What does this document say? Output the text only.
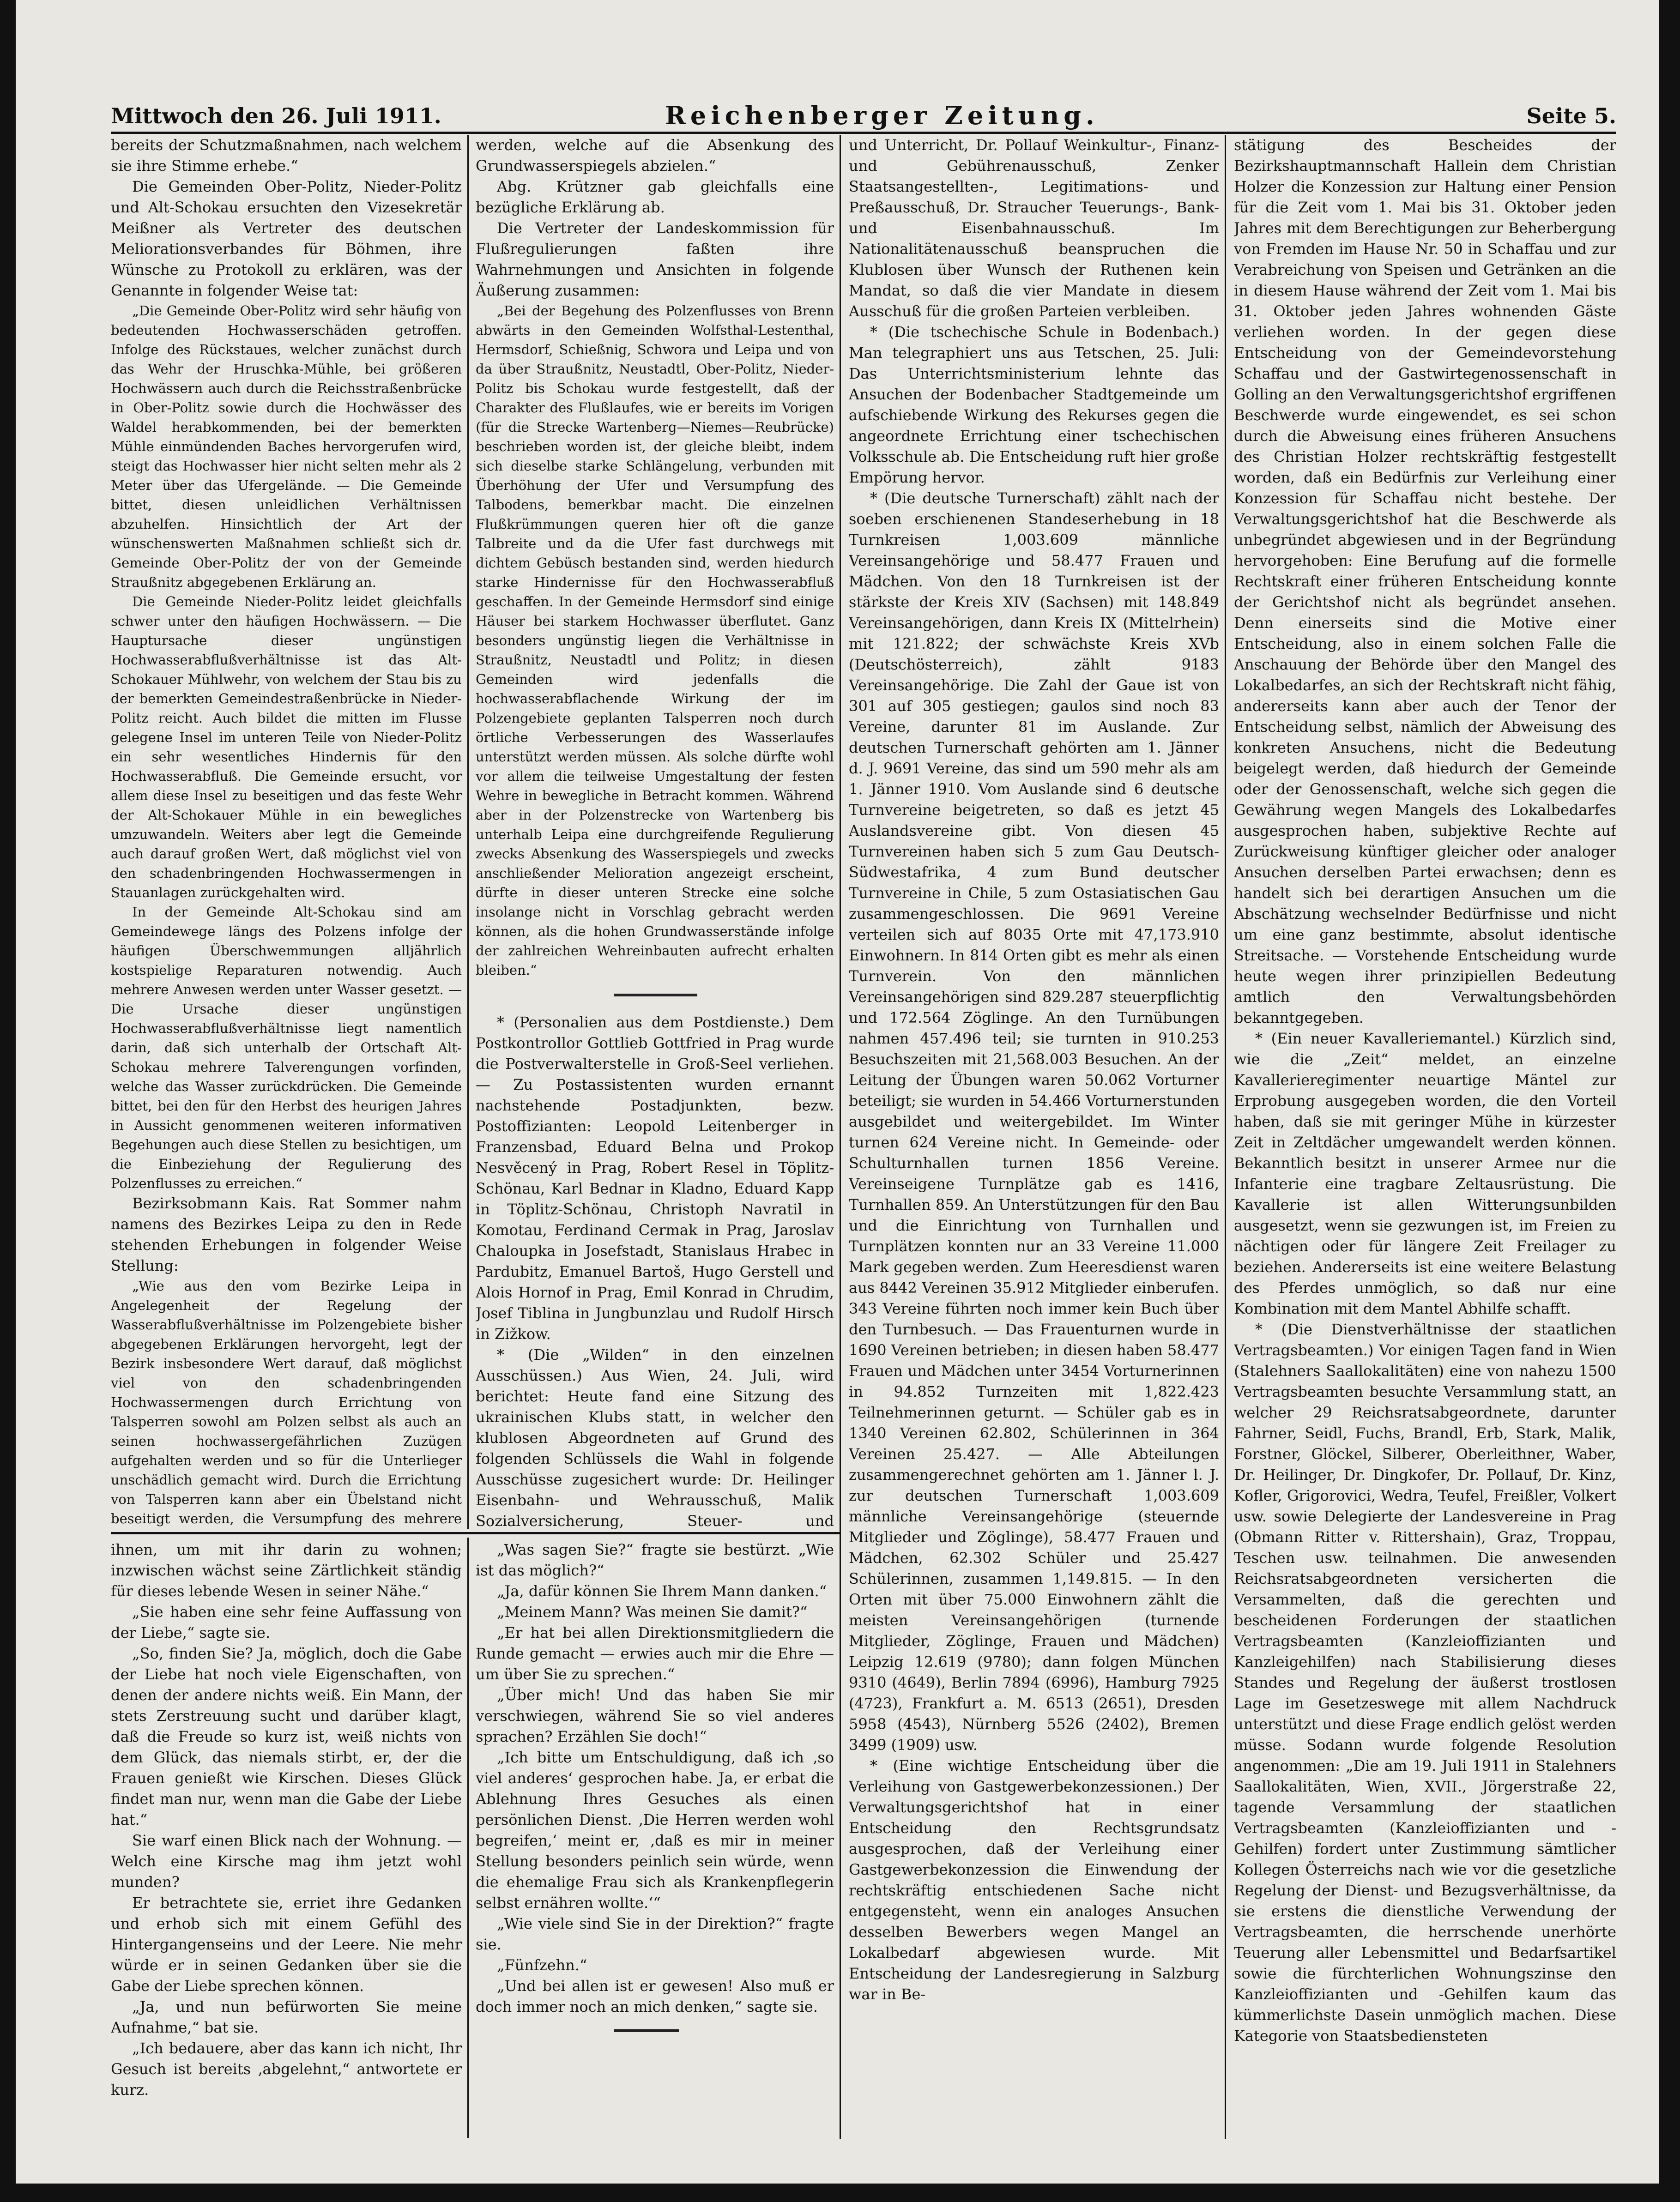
Mittwoch den 26. Juli 1911.	Reichenberger Zeitung.	Seite 5.

bereits der Schutzmaßnahmen, nach welchem sie ihre Stimme erhebe.“

Die Gemeinden Ober-Politz, Nieder-Politz und Alt-Schokau ersuchten den Vizesekretär Meißner als Vertreter des deutschen Meliorationsverbandes für Böhmen, ihre Wünsche zu Protokoll zu erklären, was der Genannte in folgender Weise tat:

„Die Gemeinde Ober-Politz wird sehr häufig von bedeutenden Hochwasserschäden getroffen. Infolge des Rückstaues, welcher zunächst durch das Wehr der Hruschka-Mühle, bei größeren Hochwässern auch durch die Reichsstraßenbrücke in Ober-Politz sowie durch die Hochwässer des Waldel herabkommenden, bei der bemerkten Mühle einmündenden Baches hervorgerufen wird, steigt das Hochwasser hier nicht selten mehr als 2 Meter über das Ufergelände. — Die Gemeinde bittet, diesen unleidlichen Verhältnissen abzuhelfen. Hinsichtlich der Art der wünschenswerten Maßnahmen schließt sich dr. Gemeinde Ober-Politz der von der Gemeinde Straußnitz abgegebenen Erklärung an.

Die Gemeinde Nieder-Politz leidet gleichfalls schwer unter den häufigen Hochwässern. — Die Hauptursache dieser ungünstigen Hochwasserabflußverhältnisse ist das Alt-Schokauer Mühlwehr, von welchem der Stau bis zu der bemerkten Gemeindestraßenbrücke in Nieder-Politz reicht. Auch bildet die mitten im Flusse gelegene Insel im unteren Teile von Nieder-Politz ein sehr wesentliches Hindernis für den Hochwasserabfluß. Die Gemeinde ersucht, vor allem diese Insel zu beseitigen und das feste Wehr der Alt-Schokauer Mühle in ein bewegliches umzuwandeln. Weiters aber legt die Gemeinde auch darauf großen Wert, daß möglichst viel von den schadenbringenden Hochwassermengen in Stauanlagen zurückgehalten wird.

In der Gemeinde Alt-Schokau sind am Gemeindewege längs des Polzens infolge der häufigen Überschwemmungen alljährlich kostspielige Reparaturen notwendig. Auch mehrere Anwesen werden unter Wasser gesetzt. — Die Ursache dieser ungünstigen Hochwasserabflußverhältnisse liegt namentlich darin, daß sich unterhalb der Ortschaft Alt-Schokau mehrere Talverengungen vorfinden, welche das Wasser zurückdrücken. Die Gemeinde bittet, bei den für den Herbst des heurigen Jahres in Aussicht genommenen weiteren informativen Begehungen auch diese Stellen zu besichtigen, um die Einbeziehung der Regulierung des Polzenflusses zu erreichen.“

Bezirksobmann Kais. Rat Sommer nahm namens des Bezirkes Leipa zu den in Rede stehenden Erhebungen in folgender Weise Stellung:

„Wie aus den vom Bezirke Leipa in Angelegenheit der Regelung der Wasserabflußverhältnisse im Polzengebiete bisher abgegebenen Erklärungen hervorgeht, legt der Bezirk insbesondere Wert darauf, daß möglichst viel von den schadenbringenden Hochwassermengen durch Errichtung von Talsperren sowohl am Polzen selbst als auch an seinen hochwassergefährlichen Zuzügen aufgehalten werden und so für die Unterlieger unschädlich gemacht wird. Durch die Errichtung von Talsperren kann aber ein Übelstand nicht beseitigt werden, die Versumpfung des mehrere

werden, welche auf die Absenkung des Grundwasserspiegels abzielen.“

Abg. Krützner gab gleichfalls eine bezügliche Erklärung ab.

Die Vertreter der Landeskommission für Flußregulierungen faßten ihre Wahrnehmungen und Ansichten in folgende Äußerung zusammen:

„Bei der Begehung des Polzenflusses von Brenn abwärts in den Gemeinden Wolfsthal-Lestenthal, Hermsdorf, Schießnig, Schwora und Leipa und von da über Straußnitz, Neustadtl, Ober-Politz, Nieder-Politz bis Schokau wurde festgestellt, daß der Charakter des Flußlaufes, wie er bereits im Vorigen (für die Strecke Wartenberg—Niemes—Reubrücke) beschrieben worden ist, der gleiche bleibt, indem sich dieselbe starke Schlängelung, verbunden mit Überhöhung der Ufer und Versumpfung des Talbodens, bemerkbar macht. Die einzelnen Flußkrümmungen queren hier oft die ganze Talbreite und da die Ufer fast durchwegs mit dichtem Gebüsch bestanden sind, werden hiedurch starke Hindernisse für den Hochwasserabfluß geschaffen. In der Gemeinde Hermsdorf sind einige Häuser bei starkem Hochwasser überflutet. Ganz besonders ungünstig liegen die Verhältnisse in Straußnitz, Neustadtl und Politz; in diesen Gemeinden wird jedenfalls die hochwasserabflachende Wirkung der im Polzengebiete geplanten Talsperren noch durch örtliche Verbesserungen des Wasserlaufes unterstützt werden müssen. Als solche dürfte wohl vor allem die teilweise Umgestaltung der festen Wehre in bewegliche in Betracht kommen. Während aber in der Polzenstrecke von Wartenberg bis unterhalb Leipa eine durchgreifende Regulierung zwecks Absenkung des Wasserspiegels und zwecks anschließender Melioration angezeigt erscheint, dürfte in dieser unteren Strecke eine solche insolange nicht in Vorschlag gebracht werden können, als die hohen Grundwasserstände infolge der zahlreichen Wehreinbauten aufrecht erhalten bleiben.“

* (Personalien aus dem Postdienste.) Dem Postkontrollor Gottlieb Gottfried in Prag wurde die Postverwalterstelle in Groß-Seel verliehen. — Zu Postassistenten wurden ernannt nachstehende Postadjunkten, bezw. Postoffizianten: Leopold Leitenberger in Franzensbad, Eduard Belna und Prokop Nesvěcený in Prag, Robert Resel in Töplitz-Schönau, Karl Bednar in Kladno, Eduard Kapp in Töplitz-Schönau, Christoph Navratil in Komotau, Ferdinand Cermak in Prag, Jaroslav Chaloupka in Josefstadt, Stanislaus Hrabec in Pardubitz, Emanuel Bartoš, Hugo Gerstell und Alois Hornof in Prag, Emil Konrad in Chrudim, Josef Tiblina in Jungbunzlau und Rudolf Hirsch in Zižkow.

* (Die „Wilden“ in den einzelnen Ausschüssen.) Aus Wien, 24. Juli, wird berichtet: Heute fand eine Sitzung des ukrainischen Klubs statt, in welcher den klublosen Abgeordneten auf Grund des folgenden Schlüssels die Wahl in folgende Ausschüsse zugesichert wurde: Dr. Heilinger Eisenbahn- und Wehrausschuß, Malik Sozialversicherung, Steuer- und

und Unterricht, Dr. Pollauf Weinkultur-, Finanz- und Gebührenausschuß, Zenker Staatsangestellten-, Legitimations- und Preßausschuß, Dr. Straucher Teuerungs-, Bank- und Eisenbahnausschuß. Im Nationalitätenausschuß beanspruchen die Klublosen über Wunsch der Ruthenen kein Mandat, so daß die vier Mandate in diesem Ausschuß für die großen Parteien verbleiben.

* (Die tschechische Schule in Bodenbach.) Man telegraphiert uns aus Tetschen, 25. Juli: Das Unterrichtsministerium lehnte das Ansuchen der Bodenbacher Stadtgemeinde um aufschiebende Wirkung des Rekurses gegen die angeordnete Errichtung einer tschechischen Volksschule ab. Die Entscheidung ruft hier große Empörung hervor.

* (Die deutsche Turnerschaft) zählt nach der soeben erschienenen Standeserhebung in 18 Turnkreisen 1,003.609 männliche Vereinsangehörige und 58.477 Frauen und Mädchen. Von den 18 Turnkreisen ist der stärkste der Kreis XIV (Sachsen) mit 148.849 Vereinsangehörigen, dann Kreis IX (Mittelrhein) mit 121.822; der schwächste Kreis XVb (Deutschösterreich), zählt 9183 Vereinsangehörige. Die Zahl der Gaue ist von 301 auf 305 gestiegen; gaulos sind noch 83 Vereine, darunter 81 im Auslande. Zur deutschen Turnerschaft gehörten am 1. Jänner d. J. 9691 Vereine, das sind um 590 mehr als am 1. Jänner 1910. Vom Auslande sind 6 deutsche Turnvereine beigetreten, so daß es jetzt 45 Auslandsvereine gibt. Von diesen 45 Turnvereinen haben sich 5 zum Gau Deutsch-Südwestafrika, 4 zum Bund deutscher Turnvereine in Chile, 5 zum Ostasiatischen Gau zusammengeschlossen. Die 9691 Vereine verteilen sich auf 8035 Orte mit 47,173.910 Einwohnern. In 814 Orten gibt es mehr als einen Turnverein. Von den männlichen Vereinsangehörigen sind 829.287 steuerpflichtig und 172.564 Zöglinge. An den Turnübungen nahmen 457.496 teil; sie turnten in 910.253 Besuchszeiten mit 21,568.003 Besuchen. An der Leitung der Übungen waren 50.062 Vorturner beteiligt; sie wurden in 54.466 Vorturnerstunden ausgebildet und weitergebildet. Im Winter turnen 624 Vereine nicht. In Gemeinde- oder Schulturnhallen turnen 1856 Vereine. Vereinseigene Turnplätze gab es 1416, Turnhallen 859. An Unterstützungen für den Bau und die Einrichtung von Turnhallen und Turnplätzen konnten nur an 33 Vereine 11.000 Mark gegeben werden. Zum Heeresdienst waren aus 8442 Vereinen 35.912 Mitglieder einberufen. 343 Vereine führten noch immer kein Buch über den Turnbesuch. — Das Frauenturnen wurde in 1690 Vereinen betrieben; in diesen haben 58.477 Frauen und Mädchen unter 3454 Vorturnerinnen in 94.852 Turnzeiten mit 1,822.423 Teilnehmerinnen geturnt. — Schüler gab es in 1340 Vereinen 62.802, Schülerinnen in 364 Vereinen 25.427. — Alle Abteilungen zusammengerechnet gehörten am 1. Jänner l. J. zur deutschen Turnerschaft 1,003.609 männliche Vereinsangehörige (steuernde Mitglieder und Zöglinge), 58.477 Frauen und Mädchen, 62.302 Schüler und 25.427 Schülerinnen, zusammen 1,149.815. — In den Orten mit über 75.000 Einwohnern zählt die meisten Vereinsangehörigen (turnende Mitglieder, Zöglinge, Frauen und Mädchen) Leipzig 12.619 (9780); dann folgen München 9310 (4649), Berlin 7894 (6996), Hamburg 7925 (4723), Frankfurt a. M. 6513 (2651), Dresden 5958 (4543), Nürnberg 5526 (2402), Bremen 3499 (1909) usw.

* (Eine wichtige Entscheidung über die Verleihung von Gastgewerbekonzessionen.) Der Verwaltungsgerichtshof hat in einer Entscheidung den Rechtsgrundsatz ausgesprochen, daß der Verleihung einer Gastgewerbekonzession die Einwendung der rechtskräftig entschiedenen Sache nicht entgegensteht, wenn ein analoges Ansuchen desselben Bewerbers wegen Mangel an Lokalbedarf abgewiesen wurde. Mit Entscheidung der Landesregierung in Salzburg war in Be-

stätigung des Bescheides der Bezirkshauptmannschaft Hallein dem Christian Holzer die Konzession zur Haltung einer Pension für die Zeit vom 1. Mai bis 31. Oktober jeden Jahres mit dem Berechtigungen zur Beherbergung von Fremden im Hause Nr. 50 in Schaffau und zur Verabreichung von Speisen und Getränken an die in diesem Hause während der Zeit vom 1. Mai bis 31. Oktober jeden Jahres wohnenden Gäste verliehen worden. In der gegen diese Entscheidung von der Gemeindevorstehung Schaffau und der Gastwirtegenossenschaft in Golling an den Verwaltungsgerichtshof ergriffenen Beschwerde wurde eingewendet, es sei schon durch die Abweisung eines früheren Ansuchens des Christian Holzer rechtskräftig festgestellt worden, daß ein Bedürfnis zur Verleihung einer Konzession für Schaffau nicht bestehe. Der Verwaltungsgerichtshof hat die Beschwerde als unbegründet abgewiesen und in der Begründung hervorgehoben: Eine Berufung auf die formelle Rechtskraft einer früheren Entscheidung konnte der Gerichtshof nicht als begründet ansehen. Denn einerseits sind die Motive einer Entscheidung, also in einem solchen Falle die Anschauung der Behörde über den Mangel des Lokalbedarfes, an sich der Rechtskraft nicht fähig, andererseits kann aber auch der Tenor der Entscheidung selbst, nämlich der Abweisung des konkreten Ansuchens, nicht die Bedeutung beigelegt werden, daß hiedurch der Gemeinde oder der Genossenschaft, welche sich gegen die Gewährung wegen Mangels des Lokalbedarfes ausgesprochen haben, subjektive Rechte auf Zurückweisung künftiger gleicher oder analoger Ansuchen derselben Partei erwachsen; denn es handelt sich bei derartigen Ansuchen um die Abschätzung wechselnder Bedürfnisse und nicht um eine ganz bestimmte, absolut identische Streitsache. — Vorstehende Entscheidung wurde heute wegen ihrer prinzipiellen Bedeutung amtlich den Verwaltungsbehörden bekanntgegeben.

* (Ein neuer Kavalleriemantel.) Kürzlich sind, wie die „Zeit“ meldet, an einzelne Kavallerieregimenter neuartige Mäntel zur Erprobung ausgegeben worden, die den Vorteil haben, daß sie mit geringer Mühe in kürzester Zeit in Zeltdächer umgewandelt werden können. Bekanntlich besitzt in unserer Armee nur die Infanterie eine tragbare Zeltausrüstung. Die Kavallerie ist allen Witterungsunbilden ausgesetzt, wenn sie gezwungen ist, im Freien zu nächtigen oder für längere Zeit Freilager zu beziehen. Andererseits ist eine weitere Belastung des Pferdes unmöglich, so daß nur eine Kombination mit dem Mantel Abhilfe schafft.

* (Die Dienstverhältnisse der staatlichen Vertragsbeamten.) Vor einigen Tagen fand in Wien (Stalehners Saallokalitäten) eine von nahezu 1500 Vertragsbeamten besuchte Versammlung statt, an welcher 29 Reichsratsabgeordnete, darunter Fahrner, Seidl, Fuchs, Brandl, Erb, Stark, Malik, Forstner, Glöckel, Silberer, Oberleithner, Waber, Dr. Heilinger, Dr. Dingkofer, Dr. Pollauf, Dr. Kinz, Kofler, Grigorovici, Wedra, Teufel, Freißler, Volkert usw. sowie Delegierte der Landesvereine in Prag (Obmann Ritter v. Rittershain), Graz, Troppau, Teschen usw. teilnahmen. Die anwesenden Reichsratsabgeordneten versicherten die Versammelten, daß die gerechten und bescheidenen Forderungen der staatlichen Vertragsbeamten (Kanzleioffizianten und Kanzleigehilfen) nach Stabilisierung dieses Standes und Regelung der äußerst trostlosen Lage im Gesetzeswege mit allem Nachdruck unterstützt und diese Frage endlich gelöst werden müsse. Sodann wurde folgende Resolution angenommen: „Die am 19. Juli 1911 in Stalehners Saallokalitäten, Wien, XVII., Jörgerstraße 22, tagende Versammlung der staatlichen Vertragsbeamten (Kanzleioffizianten und -Gehilfen) fordert unter Zustimmung sämtlicher Kollegen Österreichs nach wie vor die gesetzliche Regelung der Dienst- und Bezugsverhältnisse, da sie erstens die dienstliche Verwendung der Vertragsbeamten, die herrschende unerhörte Teuerung aller Lebensmittel und Bedarfsartikel sowie die fürchterlichen Wohnungszinse den Kanzleioffizianten und -Gehilfen kaum das kümmerlichste Dasein unmöglich machen. Diese Kategorie von Staatsbediensteten

ihnen, um mit ihr darin zu wohnen; inzwischen wächst seine Zärtlichkeit ständig für dieses lebende Wesen in seiner Nähe.“

„Sie haben eine sehr feine Auffassung von der Liebe,“ sagte sie.

„So, finden Sie? Ja, möglich, doch die Gabe der Liebe hat noch viele Eigenschaften, von denen der andere nichts weiß. Ein Mann, der stets Zerstreuung sucht und darüber klagt, daß die Freude so kurz ist, weiß nichts von dem Glück, das niemals stirbt, er, der die Frauen genießt wie Kirschen. Dieses Glück findet man nur, wenn man die Gabe der Liebe hat.“

Sie warf einen Blick nach der Wohnung. — Welch eine Kirsche mag ihm jetzt wohl munden?

Er betrachtete sie, erriet ihre Gedanken und erhob sich mit einem Gefühl des Hintergangenseins und der Leere. Nie mehr würde er in seinen Gedanken über sie die Gabe der Liebe sprechen können.

„Ja, und nun befürworten Sie meine Aufnahme,“ bat sie.

„Ich bedauere, aber das kann ich nicht, Ihr Gesuch ist bereits ‚abgelehnt,“ antwortete er kurz.

„Was sagen Sie?“ fragte sie bestürzt. „Wie ist das möglich?“

„Ja, dafür können Sie Ihrem Mann danken.“

„Meinem Mann? Was meinen Sie damit?“

„Er hat bei allen Direktionsmitgliedern die Runde gemacht — erwies auch mir die Ehre — um über Sie zu sprechen.“

„Über mich! Und das haben Sie mir verschwiegen, während Sie so viel anderes sprachen? Erzählen Sie doch!“

„Ich bitte um Entschuldigung, daß ich ‚so viel anderes‘ gesprochen habe. Ja, er erbat die Ablehnung Ihres Gesuches als einen persönlichen Dienst. ‚Die Herren werden wohl begreifen,‘ meint er, ‚daß es mir in meiner Stellung besonders peinlich sein würde, wenn die ehemalige Frau sich als Krankenpflegerin selbst ernähren wollte.‘“

„Wie viele sind Sie in der Direktion?“ fragte sie.

„Fünfzehn.“

„Und bei allen ist er gewesen! Also muß er doch immer noch an mich denken,“ sagte sie.
